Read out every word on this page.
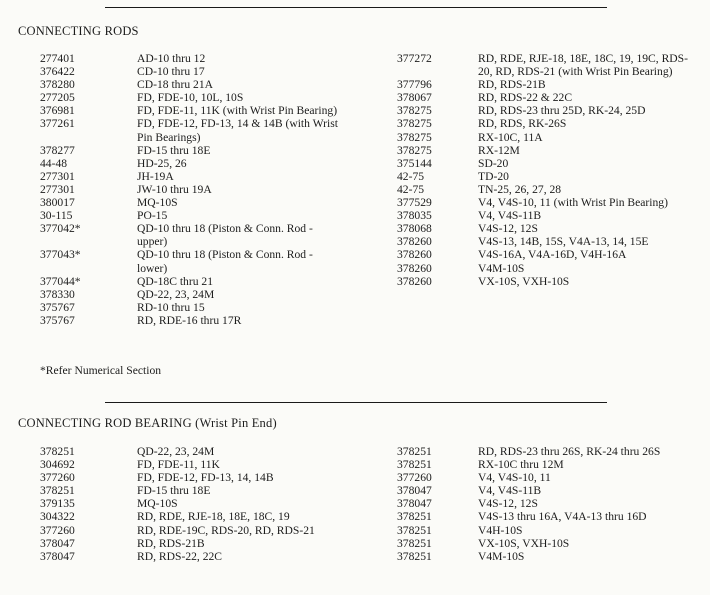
CONNECTING RODS
277401	AD-10 thru 12
376422	CD-10 thru 17
378280	CD-18 thru 21A
277205	FD, FDE-10, 10L, 10S
376981	FD, FDE-11, 11K (with Wrist Pin Bearing)
377261	FD, FDE-12, FD-13, 14 & 14B (with Wrist Pin Bearings)
378277	FD-15 thru 18E
44-48	HD-25, 26
277301	JH-19A
277301	JW-10 thru 19A
380017	MQ-10S
30-115	PO-15
377042*	QD-10 thru 18 (Piston & Conn. Rod - upper)
377043*	QD-10 thru 18 (Piston & Conn. Rod - lower)
377044*	QD-18C thru 21
378330	QD-22, 23, 24M
375767	RD-10 thru 15
375767	RD, RDE-16 thru 17R
377272	RD, RDE, RJE-18, 18E, 18C, 19, 19C, RDS-20, RD, RDS-21 (with Wrist Pin Bearing)
377796	RD, RDS-21B
378067	RD, RDS-22 & 22C
378275	RD, RDS-23 thru 25D, RK-24, 25D
378275	RD, RDS, RK-26S
378275	RX-10C, 11A
378275	RX-12M
375144	SD-20
42-75	TD-20
42-75	TN-25, 26, 27, 28
377529	V4, V4S-10, 11 (with Wrist Pin Bearing)
378035	V4, V4S-11B
378068	V4S-12, 12S
378260	V4S-13, 14B, 15S, V4A-13, 14, 15E
378260	V4S-16A, V4A-16D, V4H-16A
378260	V4M-10S
378260	VX-10S, VXH-10S
*Refer Numerical Section
CONNECTING ROD BEARING (Wrist Pin End)
378251	QD-22, 23, 24M
304692	FD, FDE-11, 11K
377260	FD, FDE-12, FD-13, 14, 14B
378251	FD-15 thru 18E
379135	MQ-10S
304322	RD, RDE, RJE-18, 18E, 18C, 19
377260	RD, RDE-19C, RDS-20, RD, RDS-21
378047	RD, RDS-21B
378047	RD, RDS-22, 22C
378251	RD, RDS-23 thru 26S, RK-24 thru 26S
378251	RX-10C thru 12M
377260	V4, V4S-10, 11
378047	V4, V4S-11B
378047	V4S-12, 12S
378251	V4S-13 thru 16A, V4A-13 thru 16D
378251	V4H-10S
378251	VX-10S, VXH-10S
378251	V4M-10S
